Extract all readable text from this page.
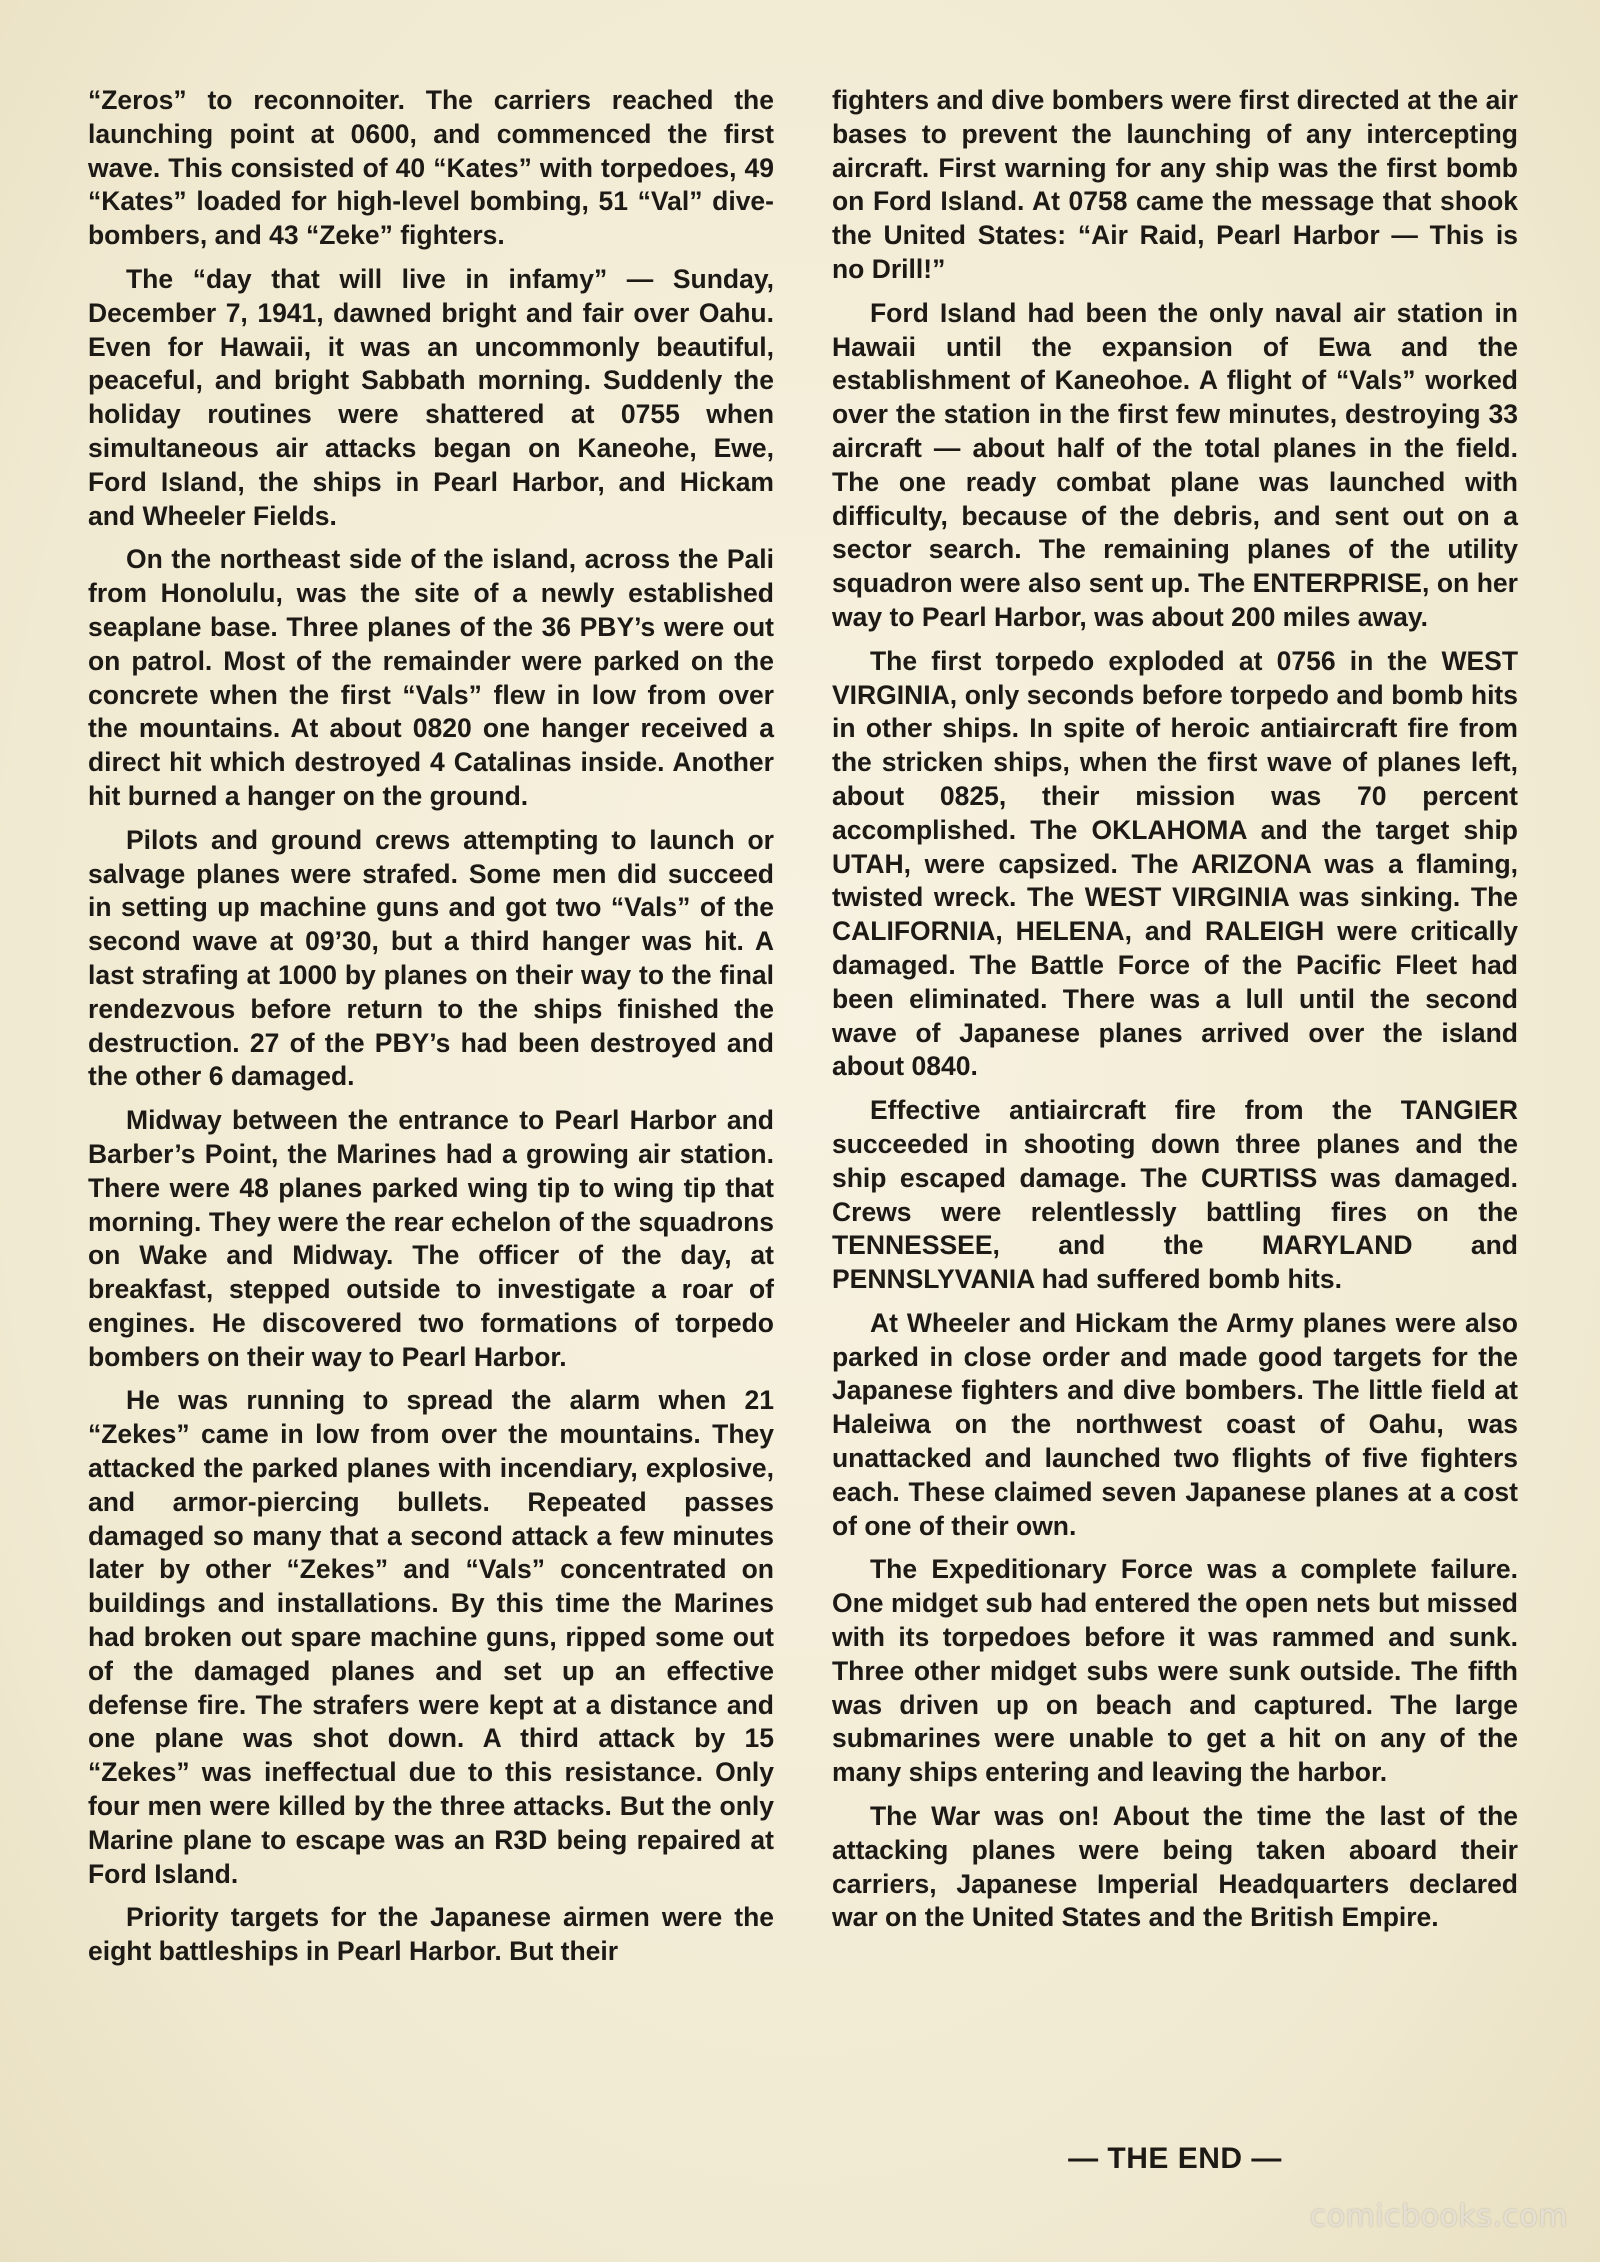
“Zeros” to reconnoiter. The carriers reached the launching point at 0600, and commenced the first wave. This consisted of 40 “Kates” with torpedoes, 49 “Kates” loaded for high-level bombing, 51 “Val” dive-bombers, and 43 “Zeke” fighters.

The “day that will live in infamy” — Sunday, December 7, 1941, dawned bright and fair over Oahu. Even for Hawaii, it was an uncommonly beautiful, peaceful, and bright Sabbath morning. Suddenly the holiday routines were shattered at 0755 when simultaneous air attacks began on Kaneohe, Ewe, Ford Island, the ships in Pearl Harbor, and Hickam and Wheeler Fields.

On the northeast side of the island, across the Pali from Honolulu, was the site of a newly established seaplane base. Three planes of the 36 PBY’s were out on patrol. Most of the remainder were parked on the concrete when the first “Vals” flew in low from over the mountains. At about 0820 one hanger received a direct hit which destroyed 4 Catalinas inside. Another hit burned a hanger on the ground.

Pilots and ground crews attempting to launch or salvage planes were strafed. Some men did succeed in setting up machine guns and got two “Vals” of the second wave at 09’30, but a third hanger was hit. A last strafing at 1000 by planes on their way to the final rendezvous before return to the ships finished the destruction. 27 of the PBY’s had been destroyed and the other 6 damaged.

Midway between the entrance to Pearl Harbor and Barber’s Point, the Marines had a growing air station. There were 48 planes parked wing tip to wing tip that morning. They were the rear echelon of the squadrons on Wake and Midway. The officer of the day, at breakfast, stepped outside to investigate a roar of engines. He discovered two formations of torpedo bombers on their way to Pearl Harbor.

He was running to spread the alarm when 21 “Zekes” came in low from over the mountains. They attacked the parked planes with incendiary, explosive, and armor-piercing bullets. Repeated passes damaged so many that a second attack a few minutes later by other “Zekes” and “Vals” concentrated on buildings and installations. By this time the Marines had broken out spare machine guns, ripped some out of the damaged planes and set up an effective defense fire. The strafers were kept at a distance and one plane was shot down. A third attack by 15 “Zekes” was ineffectual due to this resistance. Only four men were killed by the three attacks. But the only Marine plane to escape was an R3D being repaired at Ford Island.

Priority targets for the Japanese airmen were the eight battleships in Pearl Harbor. But their

fighters and dive bombers were first directed at the air bases to prevent the launching of any intercepting aircraft. First warning for any ship was the first bomb on Ford Island. At 0758 came the message that shook the United States: “Air Raid, Pearl Harbor — This is no Drill!”

Ford Island had been the only naval air station in Hawaii until the expansion of Ewa and the establishment of Kaneohoe. A flight of “Vals” worked over the station in the first few minutes, destroying 33 aircraft — about half of the total planes in the field. The one ready combat plane was launched with difficulty, because of the debris, and sent out on a sector search. The remaining planes of the utility squadron were also sent up. The ENTERPRISE, on her way to Pearl Harbor, was about 200 miles away.

The first torpedo exploded at 0756 in the WEST VIRGINIA, only seconds before torpedo and bomb hits in other ships. In spite of heroic antiaircraft fire from the stricken ships, when the first wave of planes left, about 0825, their mission was 70 percent accomplished. The OKLAHOMA and the target ship UTAH, were capsized. The ARIZONA was a flaming, twisted wreck. The WEST VIRGINIA was sinking. The CALIFORNIA, HELENA, and RALEIGH were critically damaged. The Battle Force of the Pacific Fleet had been eliminated. There was a lull until the second wave of Japanese planes arrived over the island about 0840.

Effective antiaircraft fire from the TANGIER succeeded in shooting down three planes and the ship escaped damage. The CURTISS was damaged. Crews were relentlessly battling fires on the TENNESSEE, and the MARYLAND and PENNSLYVANIA had suffered bomb hits.

At Wheeler and Hickam the Army planes were also parked in close order and made good targets for the Japanese fighters and dive bombers. The little field at Haleiwa on the northwest coast of Oahu, was unattacked and launched two flights of five fighters each. These claimed seven Japanese planes at a cost of one of their own.

The Expeditionary Force was a complete failure. One midget sub had entered the open nets but missed with its torpedoes before it was rammed and sunk. Three other midget subs were sunk outside. The fifth was driven up on beach and captured. The large submarines were unable to get a hit on any of the many ships entering and leaving the harbor.

The War was on! About the time the last of the attacking planes were being taken aboard their carriers, Japanese Imperial Headquarters declared war on the United States and the British Empire.

— THE END —
comicbooks.com
